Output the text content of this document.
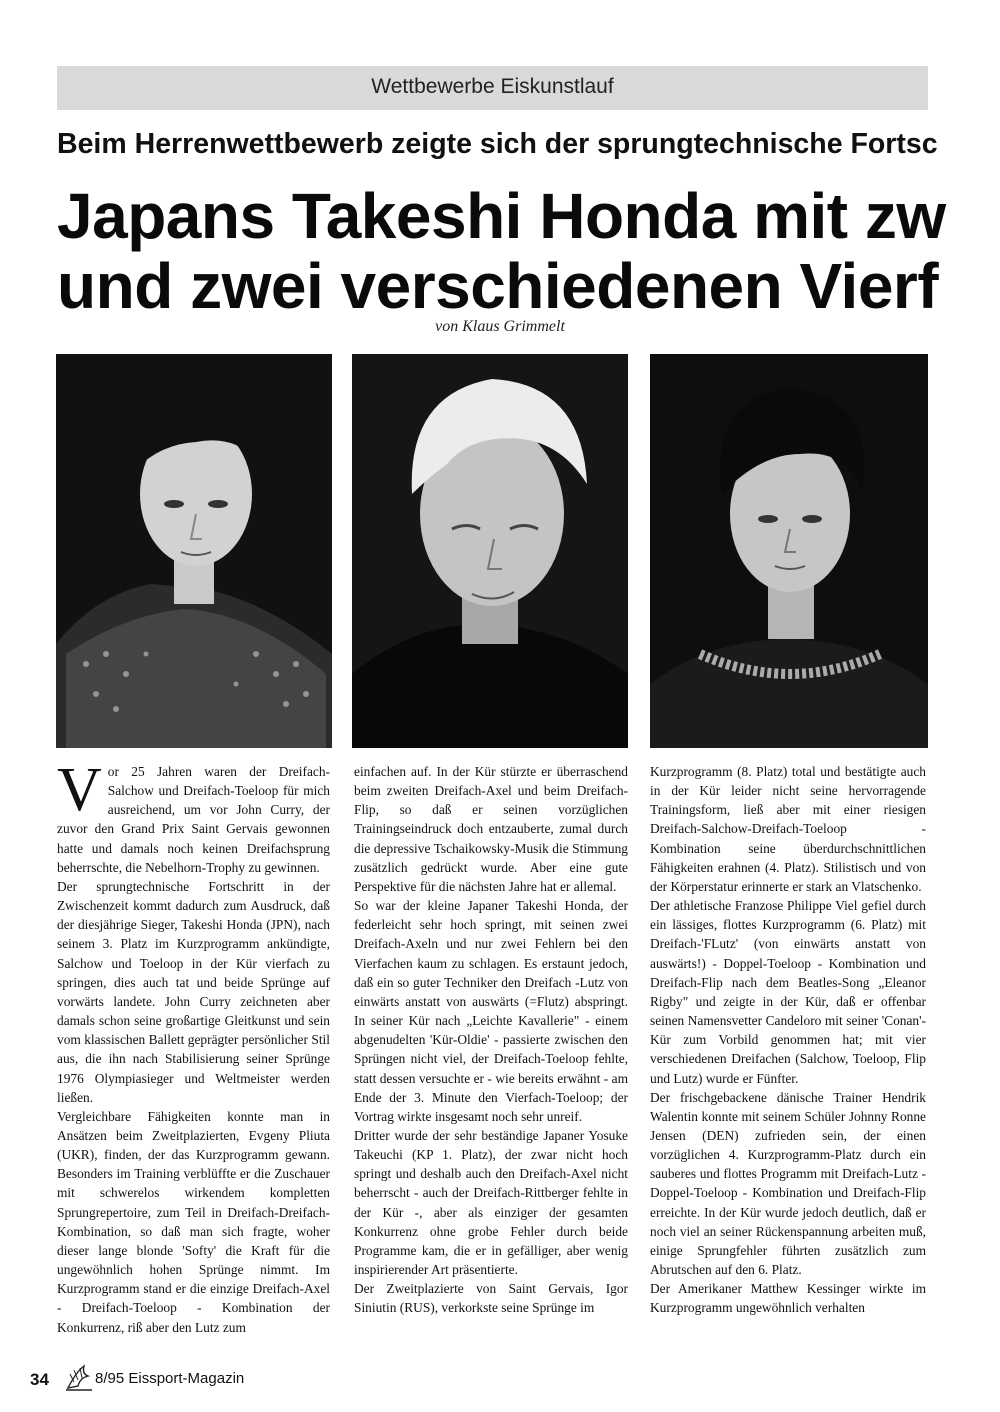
Wettbewerbe Eiskunstlauf
Beim Herrenwettbewerb zeigte sich der sprungtechnische Fortsc
Japans Takeshi Honda mit zw
und zwei verschiedenen Vierf
von Klaus Grimmelt
V or 25 Jahren waren der Dreifach-Salchow und Dreifach-Toeloop für mich ausreichend, um vor John Curry, der zuvor den Grand Prix Saint Gervais gewonnen hatte und damals noch keinen Dreifachsprung beherrschte, die Nebelhorn-Trophy zu gewinnen.

Der sprungtechnische Fortschritt in der Zwischenzeit kommt dadurch zum Ausdruck, daß der diesjährige Sieger, Takeshi Honda (JPN), nach seinem 3. Platz im Kurzprogramm ankündigte, Salchow und Toeloop in der Kür vierfach zu springen, dies auch tat und beide Sprünge auf vorwärts landete. John Curry zeichneten aber damals schon seine großartige Gleitkunst und sein vom klassischen Ballett geprägter persönlicher Stil aus, die ihn nach Stabilisierung seiner Sprünge 1976 Olympiasieger und Weltmeister werden ließen.

Vergleichbare Fähigkeiten konnte man in Ansätzen beim Zweitplazierten, Evgeny Pliuta (UKR), finden, der das Kurzprogramm gewann. Besonders im Training verblüffte er die Zuschauer mit schwerelos wirkendem kompletten Sprungrepertoire, zum Teil in Dreifach-Dreifach-Kombination, so daß man sich fragte, woher dieser lange blonde 'Softy' die Kraft für die ungewöhnlich hohen Sprünge nimmt. Im Kurzprogramm stand er die einzige Dreifach-Axel - Dreifach-Toeloop - Kombination der Konkurrenz, riß aber den Lutz zum

einfachen auf. In der Kür stürzte er überraschend beim zweiten Dreifach-Axel und beim Dreifach-Flip, so daß er seinen vorzüglichen Trainingseindruck doch entzauberte, zumal durch die depressive Tschaikowsky-Musik die Stimmung zusätzlich gedrückt wurde. Aber eine gute Perspektive für die nächsten Jahre hat er allemal.

So war der kleine Japaner Takeshi Honda, der federleicht sehr hoch springt, mit seinen zwei Dreifach-Axeln und nur zwei Fehlern bei den Vierfachen kaum zu schlagen. Es erstaunt jedoch, daß ein so guter Techniker den Dreifach -Lutz von einwärts anstatt von auswärts (=Flutz) abspringt. In seiner Kür nach „Leichte Kavallerie" - einem abgenudelten 'Kür-Oldie' - passierte zwischen den Sprüngen nicht viel, der Dreifach-Toeloop fehlte, statt dessen versuchte er - wie bereits erwähnt - am Ende der 3. Minute den Vierfach-Toeloop; der Vortrag wirkte insgesamt noch sehr unreif.

Dritter wurde der sehr beständige Japaner Yosuke Takeuchi (KP 1. Platz), der zwar nicht hoch springt und deshalb auch den Dreifach-Axel nicht beherrscht - auch der Dreifach-Rittberger fehlte in der Kür -, aber als einziger der gesamten Konkurrenz ohne grobe Fehler durch beide Programme kam, die er in gefälliger, aber wenig inspirierender Art präsentierte.

Der Zweitplazierte von Saint Gervais, Igor Siniutin (RUS), verkorkste seine Sprünge im

Kurzprogramm (8. Platz) total und bestätigte auch in der Kür leider nicht seine hervorragende Trainingsform, ließ aber mit einer riesigen Dreifach-Salchow-Dreifach-Toeloop - Kombination seine überdurchschnittlichen Fähigkeiten erahnen (4. Platz). Stilistisch und von der Körperstatur erinnerte er stark an Vlatschenko.

Der athletische Franzose Philippe Viel gefiel durch ein lässiges, flottes Kurzprogramm (6. Platz) mit Dreifach-'FLutz' (von einwärts anstatt von auswärts!) - Doppel-Toeloop - Kombination und Dreifach-Flip nach dem Beatles-Song „Eleanor Rigby" und zeigte in der Kür, daß er offenbar seinen Namensvetter Candeloro mit seiner 'Conan'-Kür zum Vorbild genommen hat; mit vier verschiedenen Dreifachen (Salchow, Toeloop, Flip und Lutz) wurde er Fünfter.

Der frischgebackene dänische Trainer Hendrik Walentin konnte mit seinem Schüler Johnny Ronne Jensen (DEN) zufrieden sein, der einen vorzüglichen 4. Kurzprogramm-Platz durch ein sauberes und flottes Programm mit Dreifach-Lutz - Doppel-Toeloop - Kombination und Dreifach-Flip erreichte. In der Kür wurde jedoch deutlich, daß er noch viel an seiner Rückenspannung arbeiten muß, einige Sprungfehler führten zusätzlich zum Abrutschen auf den 6. Platz.

Der Amerikaner Matthew Kessinger wirkte im Kurzprogramm ungewöhnlich verhalten

34	8/95 Eissport-Magazin
